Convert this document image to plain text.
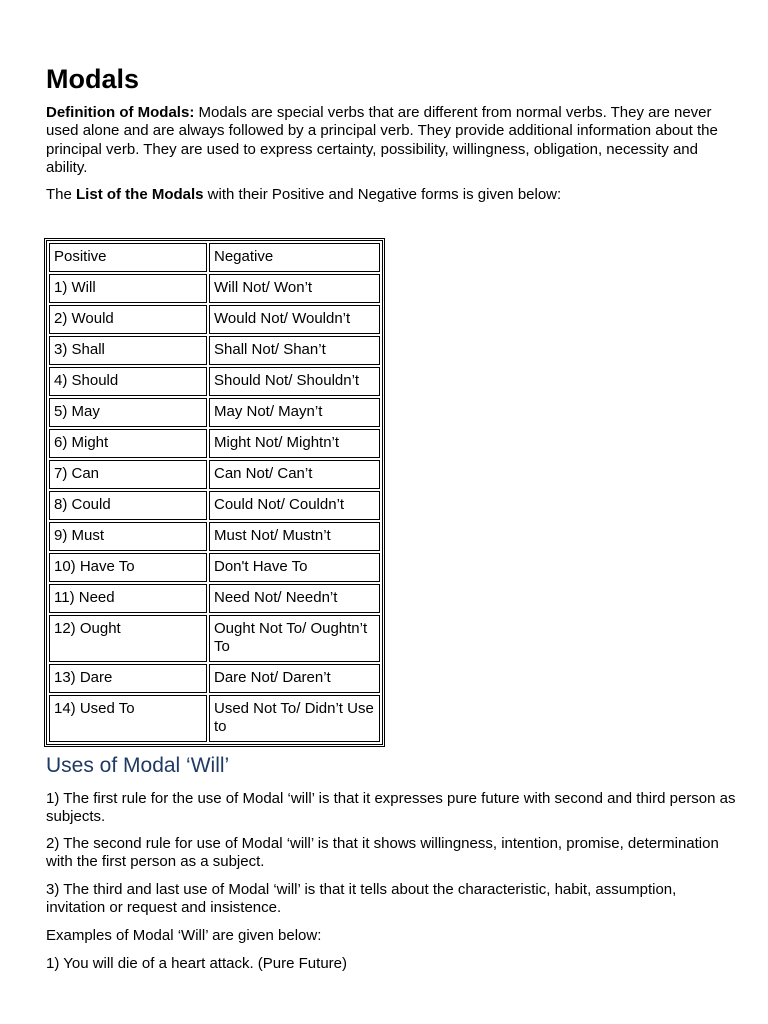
Modals

Definition of Modals: Modals are special verbs that are different from normal verbs. They are never used alone and are always followed by a principal verb. They provide additional information about the principal verb. They are used to express certainty, possibility, willingness, obligation, necessity and ability.

The List of the Modals with their Positive and Negative forms is given below:

Positive	Negative
1) Will	Will Not/ Won’t
2) Would	Would Not/ Wouldn’t
3) Shall	Shall Not/ Shan’t
4) Should	Should Not/ Shouldn’t
5) May	May Not/ Mayn’t
6) Might	Might Not/ Mightn’t
7) Can	Can Not/ Can’t
8) Could	Could Not/ Couldn’t
9) Must	Must Not/ Mustn’t
10) Have To	Don't Have To
11) Need	Need Not/ Needn’t
12) Ought	Ought Not To/ Oughtn’t To
13) Dare	Dare Not/ Daren’t
14) Used To	Used Not To/ Didn’t Use to
Uses of Modal ‘Will’

1) The first rule for the use of Modal ‘will’ is that it expresses pure future with second and third person as subjects.

2) The second rule for use of Modal ‘will’ is that it shows willingness, intention, promise, determination with the first person as a subject.

3) The third and last use of Modal ‘will’ is that it tells about the characteristic, habit, assumption, invitation or request and insistence.

Examples of Modal ‘Will’ are given below:

1) You will die of a heart attack. (Pure Future)
